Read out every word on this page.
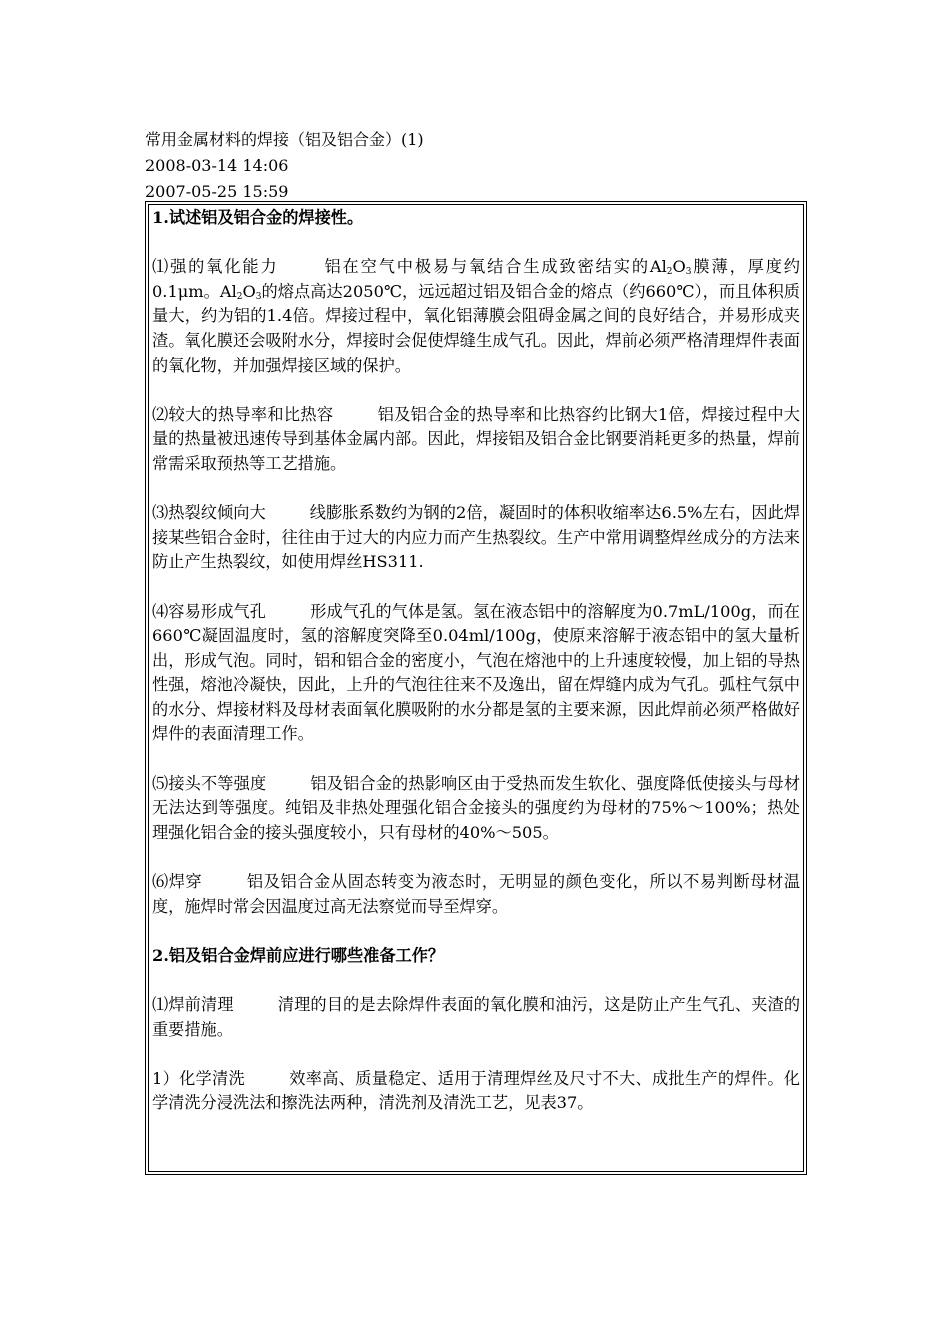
常用金属材料的焊接（铝及铝合金）(1)
2008-03-14 14:06
2007-05-25 15:59

1.试述铝及铝合金的焊接性。

⑴强的氧化能力	铝在空气中极易与氧结合生成致密结实的$Al_2O_3$膜薄，厚度约0.1μm。$Al_2O_3$的熔点高达2050℃，远远超过铝及铝合金的熔点（约660℃），而且体积质量大，约为铝的1.4倍。焊接过程中，氧化铝薄膜会阻碍金属之间的良好结合，并易形成夹渣。氧化膜还会吸附水分，焊接时会促使焊缝生成气孔。因此，焊前必须严格清理焊件表面的氧化物，并加强焊接区域的保护。

⑵较大的热导率和比热容	铝及铝合金的热导率和比热容约比钢大1倍，焊接过程中大量的热量被迅速传导到基体金属内部。因此，焊接铝及铝合金比钢要消耗更多的热量，焊前常需采取预热等工艺措施。

⑶热裂纹倾向大	线膨胀系数约为钢的2倍，凝固时的体积收缩率达6.5%左右，因此焊接某些铝合金时，往往由于过大的内应力而产生热裂纹。生产中常用调整焊丝成分的方法来防止产生热裂纹，如使用焊丝HS311.

⑷容易形成气孔	形成气孔的气体是氢。氢在液态铝中的溶解度为0.7mL/100g，而在660℃凝固温度时，氢的溶解度突降至0.04ml/100g，使原来溶解于液态铝中的氢大量析出，形成气泡。同时，铝和铝合金的密度小，气泡在熔池中的上升速度较慢，加上铝的导热性强，熔池冷凝快，因此，上升的气泡往往来不及逸出，留在焊缝内成为气孔。弧柱气氛中的水分、焊接材料及母材表面氧化膜吸附的水分都是氢的主要来源，因此焊前必须严格做好焊件的表面清理工作。

⑸接头不等强度	铝及铝合金的热影响区由于受热而发生软化、强度降低使接头与母材无法达到等强度。纯铝及非热处理强化铝合金接头的强度约为母材的75%～100%；热处理强化铝合金的接头强度较小，只有母材的40%～505。

⑹焊穿	铝及铝合金从固态转变为液态时，无明显的颜色变化，所以不易判断母材温度，施焊时常会因温度过高无法察觉而导至焊穿。

2.铝及铝合金焊前应进行哪些准备工作？

⑴焊前清理	清理的目的是去除焊件表面的氧化膜和油污，这是防止产生气孔、夹渣的重要措施。

1）化学清洗	效率高、质量稳定、适用于清理焊丝及尺寸不大、成批生产的焊件。化学清洗分浸洗法和擦洗法两种，清洗剂及清洗工艺，见表37。
